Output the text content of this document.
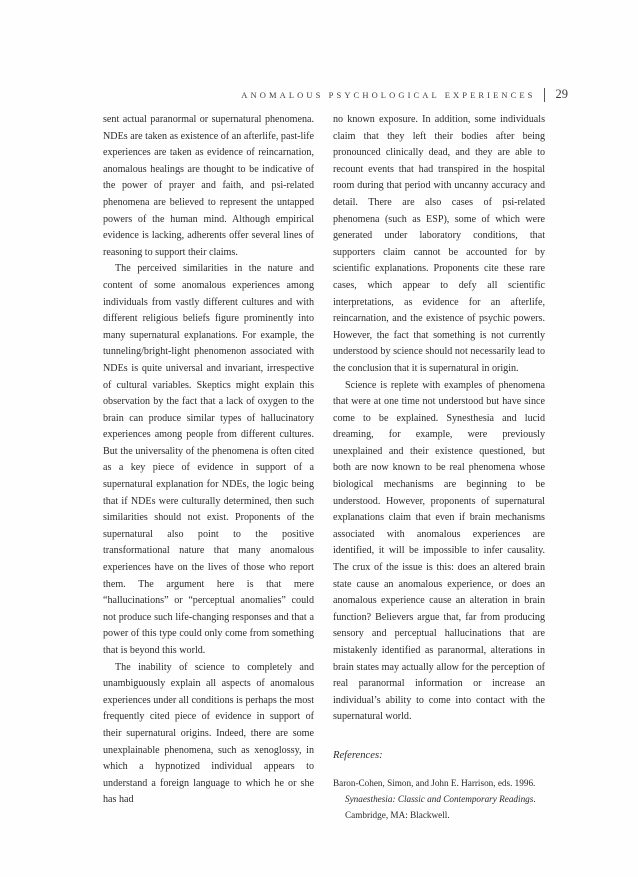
ANOMALOUS PSYCHOLOGICAL EXPERIENCES 29

sent actual paranormal or supernatural phenomena. NDEs are taken as existence of an afterlife, past-life experiences are taken as evidence of reincarnation, anomalous healings are thought to be indicative of the power of prayer and faith, and psi-related phenomena are believed to represent the untapped powers of the human mind. Although empirical evidence is lacking, adherents offer several lines of reasoning to support their claims.

The perceived similarities in the nature and content of some anomalous experiences among individuals from vastly different cultures and with different religious beliefs figure prominently into many supernatural explanations. For example, the tunneling/bright-light phenomenon associated with NDEs is quite universal and invariant, irrespective of cultural variables. Skeptics might explain this observation by the fact that a lack of oxygen to the brain can produce similar types of hallucinatory experiences among people from different cultures. But the universality of the phenomena is often cited as a key piece of evidence in support of a supernatural explanation for NDEs, the logic being that if NDEs were culturally determined, then such similarities should not exist. Proponents of the supernatural also point to the positive transformational nature that many anomalous experiences have on the lives of those who report them. The argument here is that mere “hallucinations” or “perceptual anomalies” could not produce such life-changing responses and that a power of this type could only come from something that is beyond this world.

The inability of science to completely and unambiguously explain all aspects of anomalous experiences under all conditions is perhaps the most frequently cited piece of evidence in support of their supernatural origins. Indeed, there are some unexplainable phenomena, such as xenoglossy, in which a hypnotized individual appears to understand a foreign language to which he or she has had

no known exposure. In addition, some individuals claim that they left their bodies after being pronounced clinically dead, and they are able to recount events that had transpired in the hospital room during that period with uncanny accuracy and detail. There are also cases of psi-related phenomena (such as ESP), some of which were generated under laboratory conditions, that supporters claim cannot be accounted for by scientific explanations. Proponents cite these rare cases, which appear to defy all scientific interpretations, as evidence for an afterlife, reincarnation, and the existence of psychic powers. However, the fact that something is not currently understood by science should not necessarily lead to the conclusion that it is supernatural in origin.

Science is replete with examples of phenomena that were at one time not understood but have since come to be explained. Synesthesia and lucid dreaming, for example, were previously unexplained and their existence questioned, but both are now known to be real phenomena whose biological mechanisms are beginning to be understood. However, proponents of supernatural explanations claim that even if brain mechanisms associated with anomalous experiences are identified, it will be impossible to infer causality. The crux of the issue is this: does an altered brain state cause an anomalous experience, or does an anomalous experience cause an alteration in brain function? Believers argue that, far from producing sensory and perceptual hallucinations that are mistakenly identified as paranormal, alterations in brain states may actually allow for the perception of real paranormal information or increase an individual’s ability to come into contact with the supernatural world.

References:

Baron-Cohen, Simon, and John E. Harrison, eds. 1996. Synaesthesia: Classic and Contemporary Readings. Cambridge, MA: Blackwell.
